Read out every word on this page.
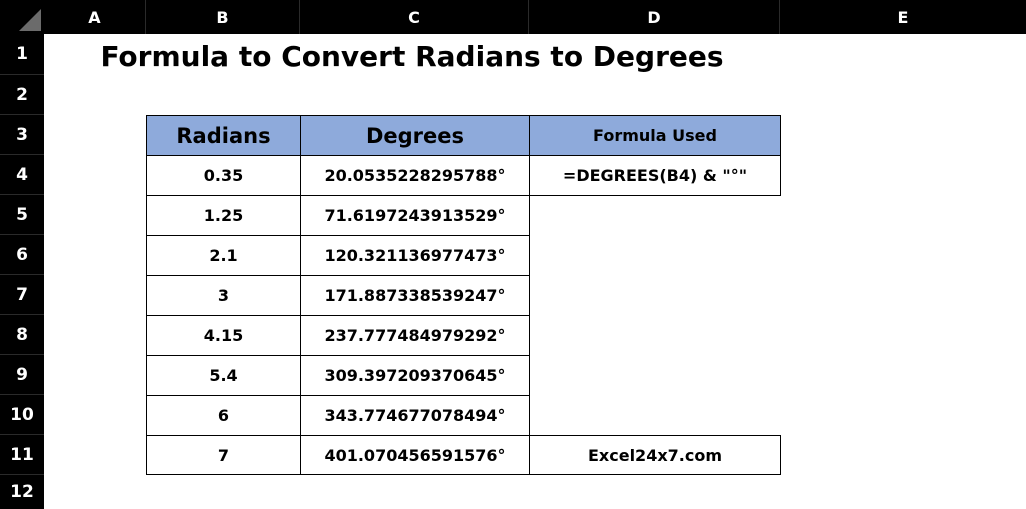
A	B	C	D	E
1
2
3
4
5
6
7
8
9
10
11
12
Formula to Convert Radians to Degrees
Radians	Degrees	Formula Used
0.35	20.0535228295788°	=DEGREES(B4) & "°"
1.25	71.6197243913529°
2.1	120.321136977473°
3	171.887338539247°
4.15	237.777484979292°
5.4	309.397209370645°
6	343.774677078494°
7	401.070456591576°	Excel24x7.com
